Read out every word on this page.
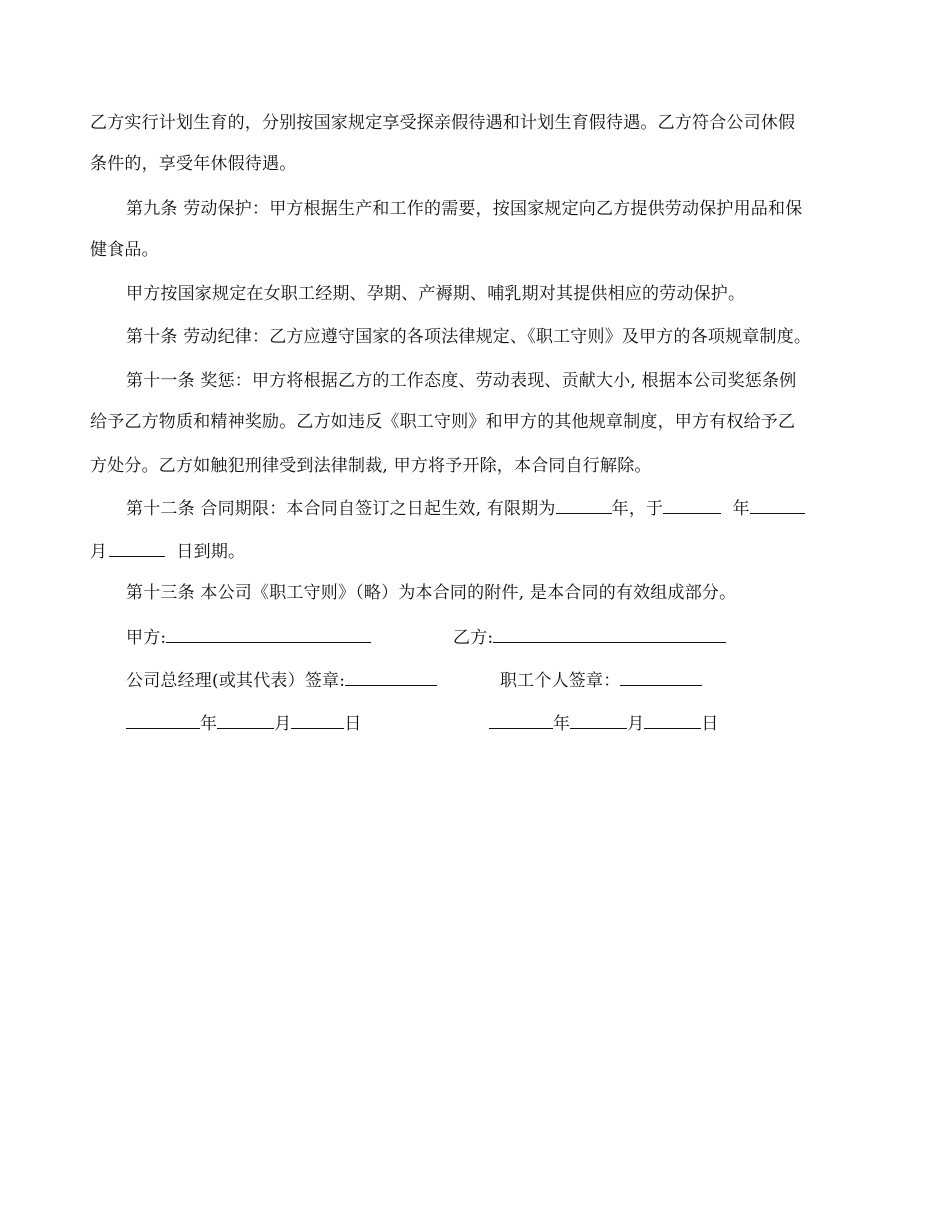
乙方实行计划生育的，分别按国家规定享受探亲假待遇和计划生育假待遇。乙方符合公司休假
条件的，享受年休假待遇。
第九条 劳动保护：甲方根据生产和工作的需要，按国家规定向乙方提供劳动保护用品和保
健食品。
甲方按国家规定在女职工经期、孕期、产褥期、哺乳期对其提供相应的劳动保护。
第十条 劳动纪律：乙方应遵守国家的各项法律规定、《职工守则》及甲方的各项规章制度。
第十一条 奖惩：甲方将根据乙方的工作态度、劳动表现、贡献大小, 根据本公司奖惩条例
给予乙方物质和精神奖励。乙方如违反《职工守则》和甲方的其他规章制度，甲方有权给予乙
方处分。乙方如触犯刑律受到法律制裁, 甲方将予开除，本合同自行解除。
第十二条 合同期限：本合同自签订之日起生效, 有限期为	年，于	年
月	日到期。
第十三条 本公司《职工守则》（略）为本合同的附件, 是本合同的有效组成部分。
甲方:	乙方:
公司总经理(或其代表）签章:	职工个人签章：
年	月	日	年	月	日
